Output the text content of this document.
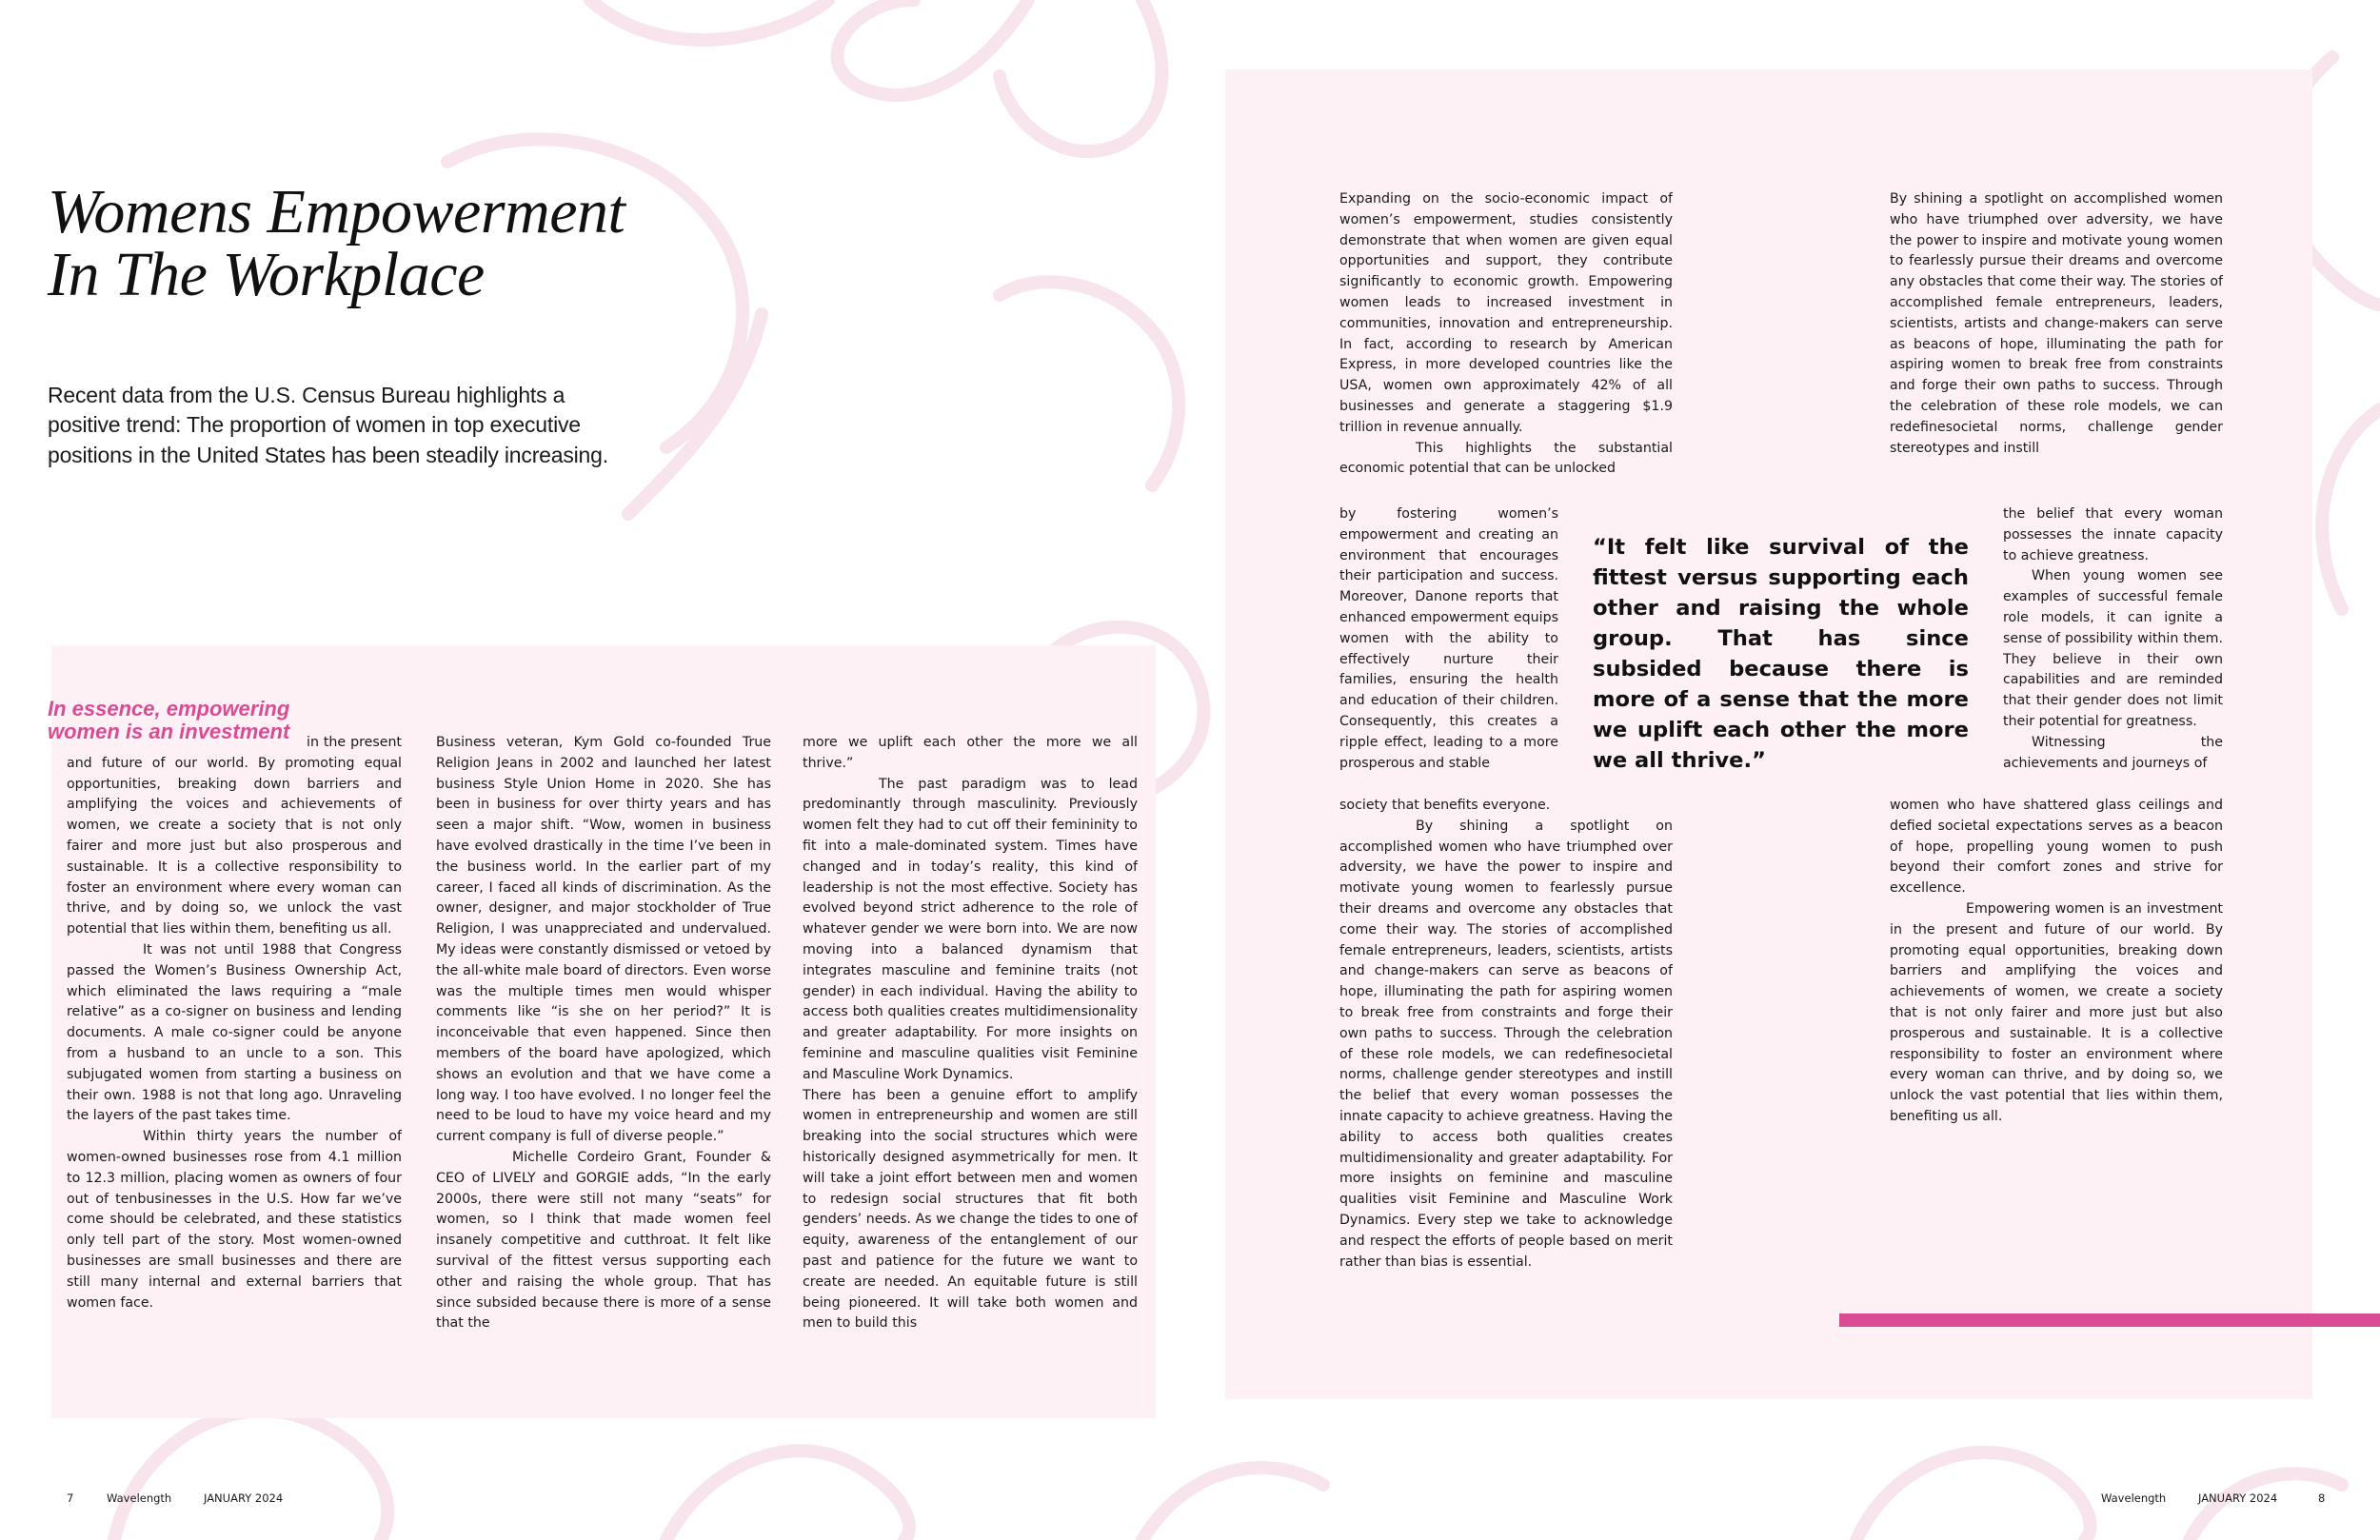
Womens Empowerment
In The Workplace

Recent data from the U.S. Census Bureau highlights a positive trend: The proportion of women in top executive positions in the United States has been steadily increasing.

In essence, empowering women is an investment	in the present and future of our world. By promoting equal opportunities, breaking down barriers and amplifying the voices and achievements of women, we create a society that is not only fairer and more just but also prosperous and sustainable. It is a collective responsibility to foster an environment where every woman can thrive, and by doing so, we unlock the vast potential that lies within them, benefiting us all.

It was not until 1988 that Congress passed the Women’s Business Ownership Act, which eliminated the laws requiring a “male relative” as a co-signer on business and lending documents. A male co-signer could be anyone from a husband to an uncle to a son. This subjugated women from starting a business on their own. 1988 is not that long ago. Unraveling the layers of the past takes time.

Within thirty years the number of women-owned businesses rose from 4.1 million to 12.3 million, placing women as owners of four out of tenbusinesses in the U.S. How far we’ve come should be celebrated, and these statistics only tell part of the story. Most women-owned businesses are small businesses and there are still many internal and external barriers that women face.

Business veteran, Kym Gold co-founded True Religion Jeans in 2002 and launched her latest business Style Union Home in 2020. She has been in business for over thirty years and has seen a major shift. “Wow, women in business have evolved drastically in the time I’ve been in the business world. In the earlier part of my career, I faced all kinds of discrimination. As the owner, designer, and major stockholder of True Religion, I was unappreciated and undervalued. My ideas were constantly dismissed or vetoed by the all-white male board of directors. Even worse was the multiple times men would whisper comments like “is she on her period?” It is inconceivable that even happened. Since then members of the board have apologized, which shows an evolution and that we have come a long way. I too have evolved. I no longer feel the need to be loud to have my voice heard and my current company is full of diverse people.”

Michelle Cordeiro Grant, Founder & CEO of LIVELY and GORGIE adds, “In the early 2000s, there were still not many “seats” for women, so I think that made women feel insanely competitive and cutthroat. It felt like survival of the fittest versus supporting each other and raising the whole group. That has since subsided because there is more of a sense that the

more we uplift each other the more we all thrive.”

The past paradigm was to lead predominantly through masculinity. Previously women felt they had to cut off their femininity to fit into a male-dominated system. Times have changed and in today’s reality, this kind of leadership is not the most effective. Society has evolved beyond strict adherence to the role of whatever gender we were born into. We are now moving into a balanced dynamism that integrates masculine and feminine traits (not gender) in each individual. Having the ability to access both qualities creates multidimensionality and greater adaptability. For more insights on feminine and masculine qualities visit Feminine and Masculine Work Dynamics.

There has been a genuine effort to amplify women in entrepreneurship and women are still breaking into the social structures which were historically designed asymmetrically for men. It will take a joint effort between men and women to redesign social structures that fit both genders’ needs. As we change the tides to one of equity, awareness of the entanglement of our past and patience for the future we want to create are needed. An equitable future is still being pioneered. It will take both women and men to build this

Expanding on the socio-economic impact of women’s empowerment, studies consistently demonstrate that when women are given equal opportunities and support, they contribute significantly to economic growth. Empowering women leads to increased investment in communities, innovation and entrepreneurship. In fact, according to research by American Express, in more developed countries like the USA, women own approximately 42% of all businesses and generate a staggering $1.9 trillion in revenue annually.

This highlights the substantial economic potential that can be unlocked

by fostering women’s empowerment and creating an environment that encourages their participation and success. Moreover, Danone reports that enhanced empowerment equips women with the ability to effectively nurture their families, ensuring the health and education of their children. Consequently, this creates a ripple effect, leading to a more prosperous and stable

society that benefits everyone.

By shining a spotlight on accomplished women who have triumphed over adversity, we have the power to inspire and motivate young women to fearlessly pursue their dreams and overcome any obstacles that come their way. The stories of accomplished female entrepreneurs, leaders, scientists, artists and change-makers can serve as beacons of hope, illuminating the path for aspiring women to break free from constraints and forge their own paths to success. Through the celebration of these role models, we can redefinesocietal norms, challenge gender stereotypes and instill the belief that every woman possesses the innate capacity to achieve greatness. Having the ability to access both qualities creates multidimensionality and greater adaptability. For more insights on feminine and masculine qualities visit Feminine and Masculine Work Dynamics. Every step we take to acknowledge and respect the efforts of people based on merit rather than bias is essential.

By shining a spotlight on accomplished women who have triumphed over adversity, we have the power to inspire and motivate young women to fearlessly pursue their dreams and overcome any obstacles that come their way. The stories of accomplished female entrepreneurs, leaders, scientists, artists and change-makers can serve as beacons of hope, illuminating the path for aspiring women to break free from constraints and forge their own paths to success. Through the celebration of these role models, we can redefinesocietal norms, challenge gender stereotypes and instill

the belief that every woman possesses the innate capacity to achieve greatness.

When young women see examples of successful female role models, it can ignite a sense of possibility within them. They believe in their own capabilities and are reminded that their gender does not limit their potential for greatness.

Witnessing the achievements and journeys of

women who have shattered glass ceilings and defied societal expectations serves as a beacon of hope, propelling young women to push beyond their comfort zones and strive for excellence.

Empowering women is an investment in the present and future of our world. By promoting equal opportunities, breaking down barriers and amplifying the voices and achievements of women, we create a society that is not only fairer and more just but also prosperous and sustainable. It is a collective responsibility to foster an environment where every woman can thrive, and by doing so, we unlock the vast potential that lies within them, benefiting us all.

“It felt like survival of the fittest versus supporting each other and raising the whole group. That has since subsided because there is more of a sense that the more we uplift each other the more we all thrive.”

7	Wavelength	JANUARY 2024	Wavelength	JANUARY 2024	8
